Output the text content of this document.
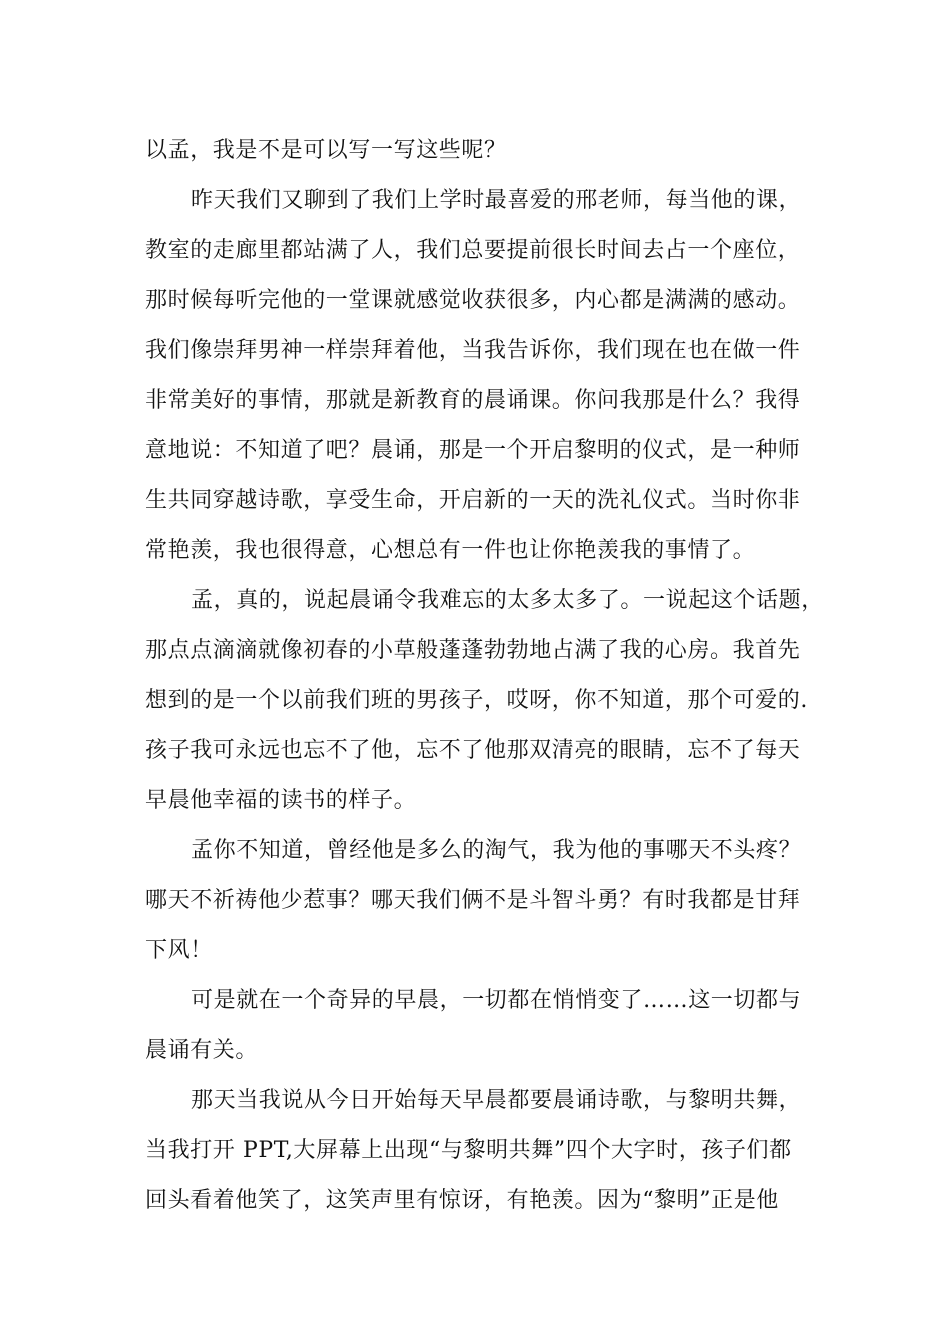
以孟，我是不是可以写一写这些呢？
昨天我们又聊到了我们上学时最喜爱的邢老师，每当他的课，
教室的走廊里都站满了人，我们总要提前很长时间去占一个座位，
那时候每听完他的一堂课就感觉收获很多，内心都是满满的感动。
我们像崇拜男神一样崇拜着他，当我告诉你，我们现在也在做一件
非常美好的事情，那就是新教育的晨诵课。你问我那是什么？我得
意地说：不知道了吧？晨诵，那是一个开启黎明的仪式，是一种师
生共同穿越诗歌，享受生命，开启新的一天的洗礼仪式。当时你非
常艳羡，我也很得意，心想总有一件也让你艳羡我的事情了。
孟，真的，说起晨诵令我难忘的太多太多了。一说起这个话题，
那点点滴滴就像初春的小草般蓬蓬勃勃地占满了我的心房。我首先
想到的是一个以前我们班的男孩子，哎呀，你不知道，那个可爱的.
孩子我可永远也忘不了他，忘不了他那双清亮的眼睛，忘不了每天
早晨他幸福的读书的样子。
孟你不知道，曾经他是多么的淘气，我为他的事哪天不头疼？
哪天不祈祷他少惹事？哪天我们俩不是斗智斗勇？有时我都是甘拜
下风！
可是就在一个奇异的早晨，一切都在悄悄变了……这一切都与
晨诵有关。
那天当我说从今日开始每天早晨都要晨诵诗歌，与黎明共舞，
当我打开 PPT,大屏幕上出现“与黎明共舞”四个大字时，孩子们都
回头看着他笑了，这笑声里有惊讶，有艳羡。因为“黎明”正是他
